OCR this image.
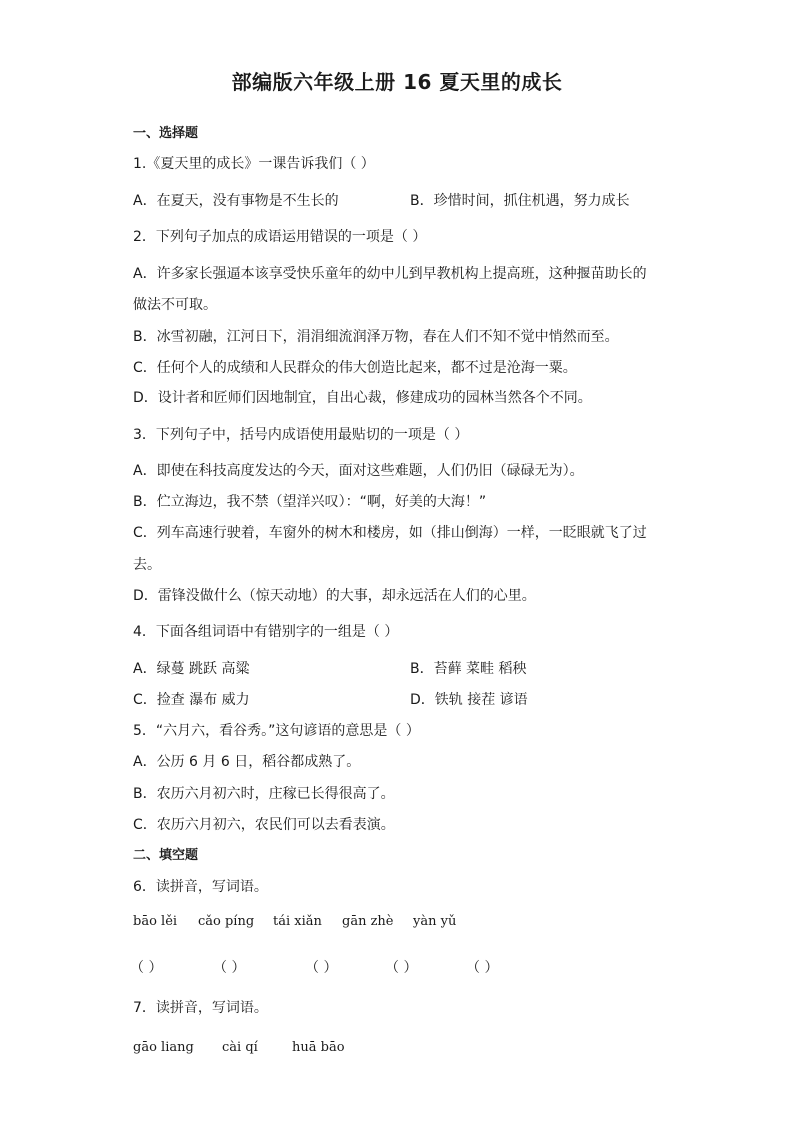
部编版六年级上册 16 夏天里的成长
一、选择题
1.《夏天里的成长》一课告诉我们（ ）
A．在夏天，没有事物是不生长的	B．珍惜时间，抓住机遇，努力成长
2．下列句子加点的成语运用错误的一项是（ ）
A．许多家长强逼本该享受快乐童年的幼中儿到早教机构上提高班，这种揠苗助长的
做法不可取。
B．冰雪初融，江河日下，涓涓细流润泽万物，春在人们不知不觉中悄然而至。
C．任何个人的成绩和人民群众的伟大创造比起来，都不过是沧海一粟。
D．设计者和匠师们因地制宜，自出心裁，修建成功的园林当然各个不同。
3．下列句子中，括号内成语使用最贴切的一项是（ ）
A．即使在科技高度发达的今天，面对这些难题，人们仍旧（碌碌无为）。
B．伫立海边，我不禁（望洋兴叹）：“啊，好美的大海！”
C．列车高速行驶着，车窗外的树木和楼房，如（排山倒海）一样，一眨眼就飞了过
去。
D．雷锋没做什么（惊天动地）的大事，却永远活在人们的心里。
4．下面各组词语中有错别字的一组是（ ）
A．绿蔓 跳跃 高粱	B．苔藓 菜畦 稻秧
C．捡查 瀑布 威力	D．铁轨 接茬 谚语
5．“六月六，看谷秀。”这句谚语的意思是（ ）
A．公历 6 月 6 日，稻谷都成熟了。
B．农历六月初六时，庄稼已长得很高了。
C．农历六月初六，农民们可以去看表演。
二、填空题
6．读拼音，写词语。
bāo lěi cǎo píng tái xiǎn gān zhè yàn yǔ
（ ）	（ ）	（ ）	（ ）	（ ）
7．读拼音，写词语。
gāo liang cài qí	huā bāo
